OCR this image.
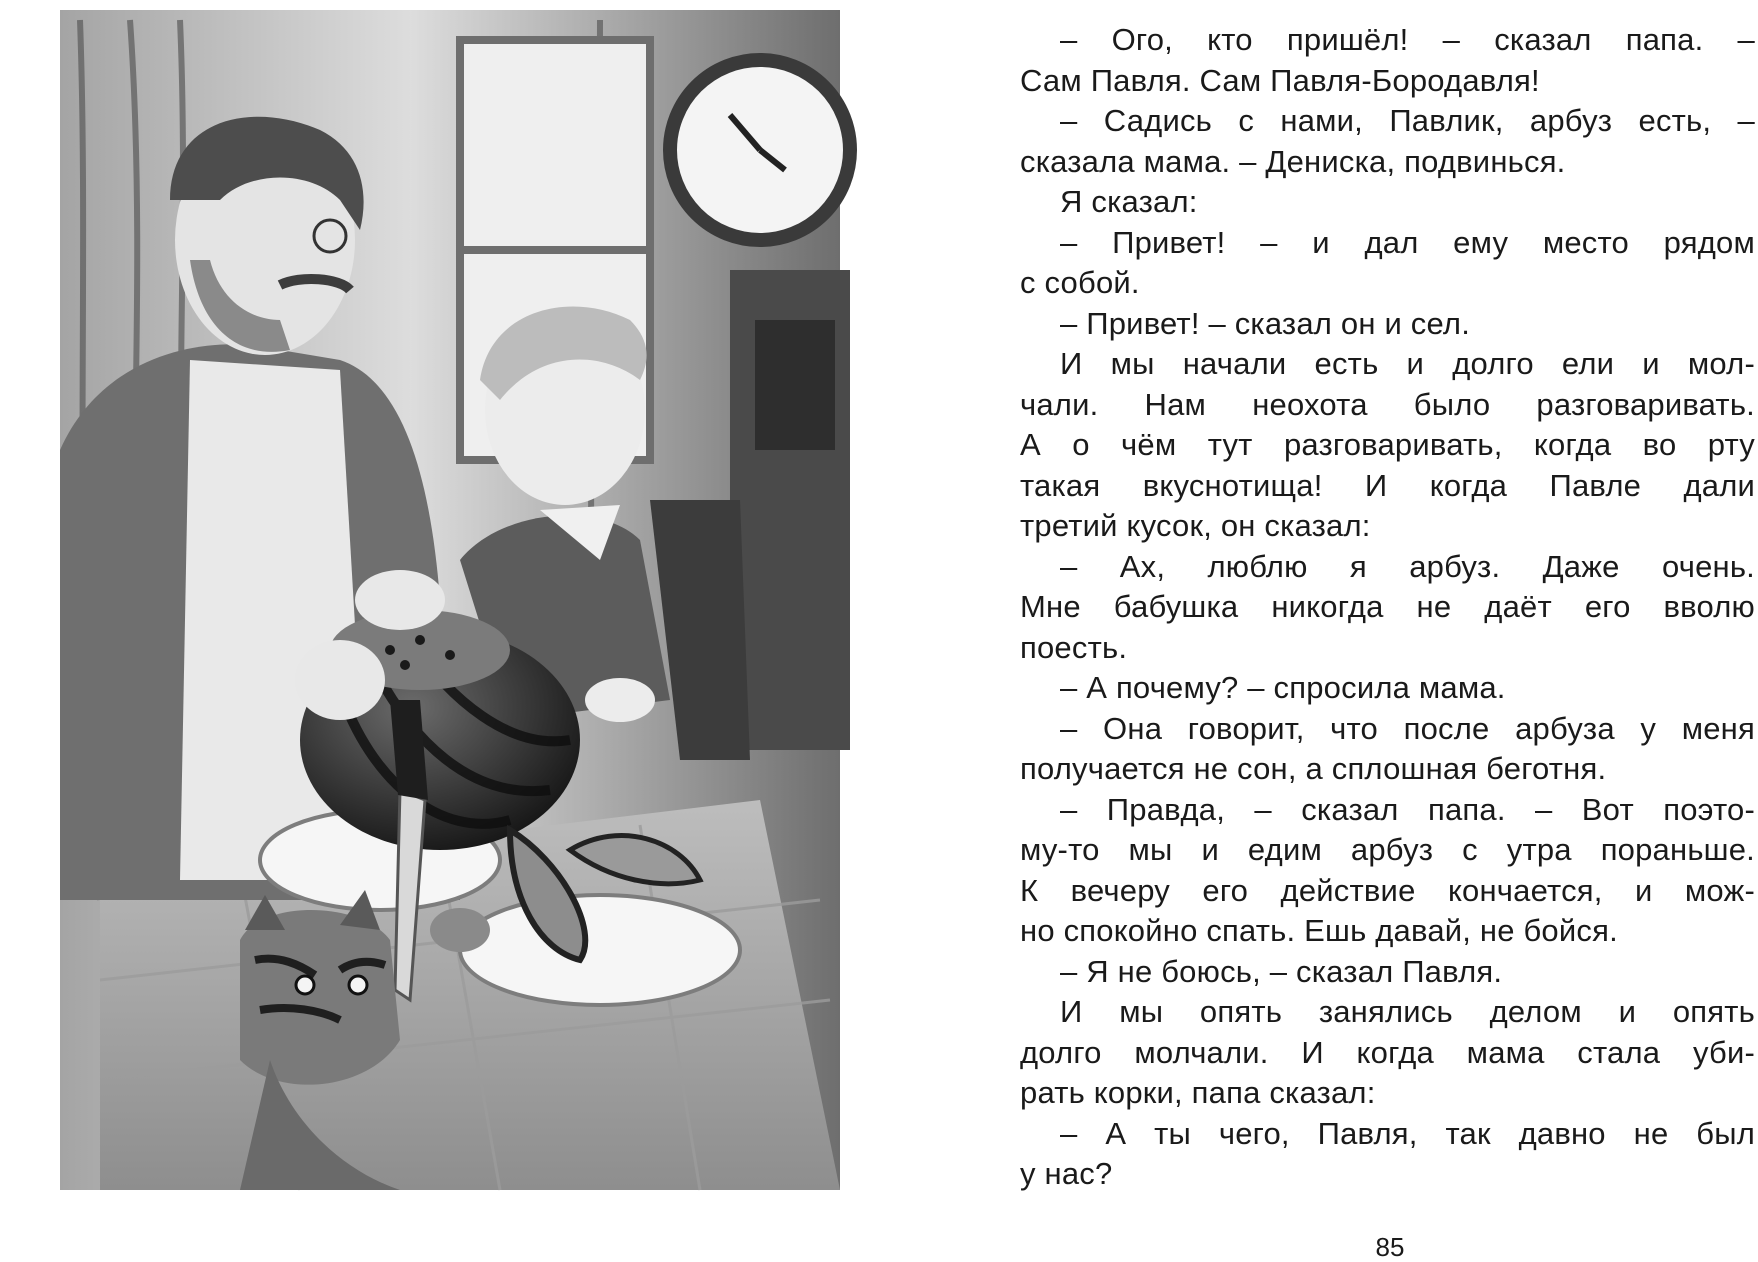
– Ого, кто пришёл! – сказал папа. –
Сам Павля. Сам Павля-Бородавля!
– Садись с нами, Павлик, арбуз есть, –
сказала мама. – Дениска, подвинься.
Я сказал:
– Привет! – и дал ему место рядом
с собой.
– Привет! – сказал он и сел.
И мы начали есть и долго ели и мол-
чали. Нам неохота было разговаривать.
А о чём тут разговаривать, когда во рту
такая вкуснотища! И когда Павле дали
третий кусок, он сказал:
– Ах, люблю я арбуз. Даже очень.
Мне бабушка никогда не даёт его вволю
поесть.
– А почему? – спросила мама.
– Она говорит, что после арбуза у меня
получается не сон, а сплошная беготня.
– Правда, – сказал папа. – Вот поэто-
му-то мы и едим арбуз с утра пораньше.
К вечеру его действие кончается, и мож-
но спокойно спать. Ешь давай, не бойся.
– Я не боюсь, – сказал Павля.
И мы опять занялись делом и опять
долго молчали. И когда мама стала уби-
рать корки, папа сказал:
– А ты чего, Павля, так давно не был
у нас?
85
